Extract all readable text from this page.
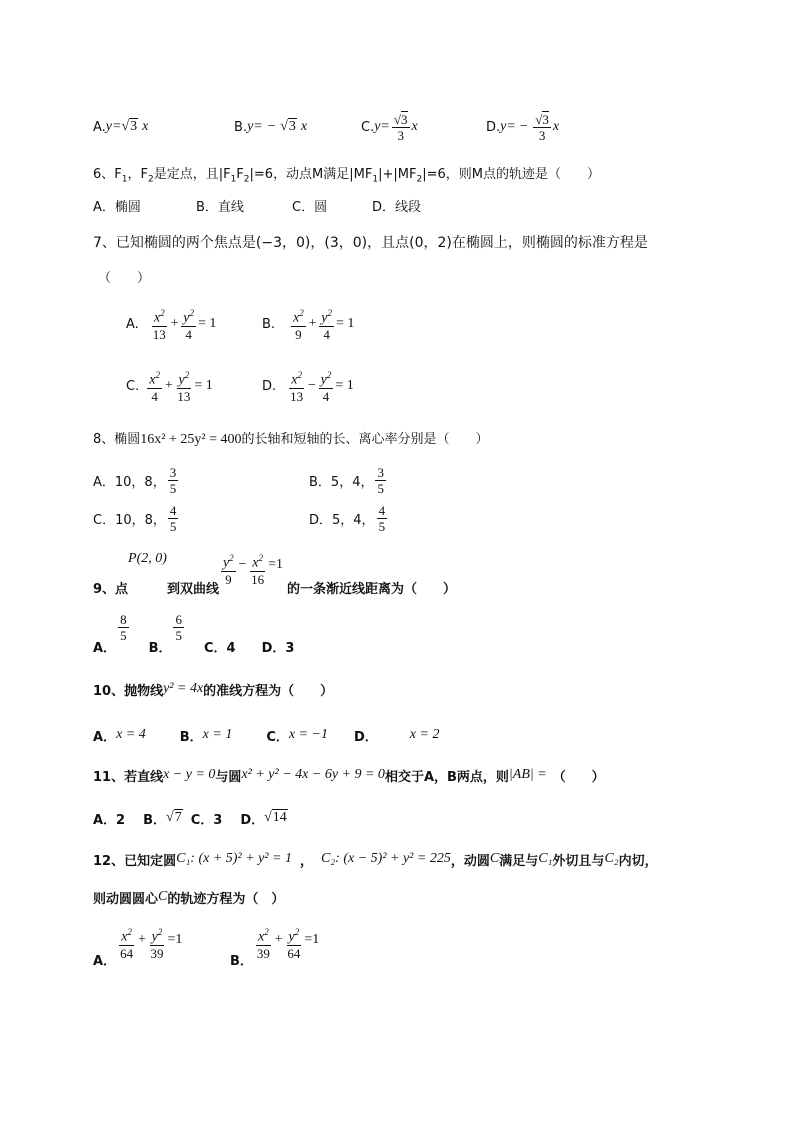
A. y= √3 x	B. y= − √3 x	C. $y= \frac{√3}{3}$ x	D. $y= - \frac{√3}{3}$ x
6、$F_1$，$F_2$是定点，且$|F_1F_2|=6$，动点M满足$|MF_1|+|MF_2|=6$，则M点的轨迹是（　　）
A．椭圆	B．直线	C．圆	D．线段
7、已知椭圆的两个焦点是(−3，0)，(3，0)，且点(0，2)在椭圆上，则椭圆的标准方程是
（　　）
A. $\frac{x^2}{13} + \frac{y^2}{4} = 1$	B. $\frac{x^2}{9} + \frac{y^2}{4} = 1$
C. $\frac{x^2}{4} + \frac{y^2}{13} = 1$	D. $\frac{x^2}{13} - \frac{y^2}{4} = 1$
8、椭圆16x² + 25y² = 400的长轴和短轴的长、离心率分别是（　　）
A．10，8， $\frac{3}{5}$	B．5，4， $\frac{3}{5}$
C．10，8， $\frac{4}{5}$	D．5，4， $\frac{4}{5}$
9、点
P(2, 0)
到双曲线
$\frac{y^2}{9} - \frac{x^2}{16} =1$
的一条渐近线距离为（　　）
A．
$\frac{8}{5}$
B．
$\frac{6}{5}$
C．4 D．3
10、抛物线 y² = 4x 的准线方程为（　　）
A． x = 4	B． x = 1	C． x = −1 D． x = 2
11、若直线 x − y = 0 与圆 x² + y² − 4x − 6y + 9 = 0 相交于A，B两点，则 |AB| = （　　）
A．2 B． √7 C．3 D． √14
12、已知定圆 C₁: (x + 5)² + y² = 1 ， C₂: (x − 5)² + y² = 225 ，动圆 C 满足与 C₁ 外切且与 C₂ 内切，
则动圆圆心 C 的轨迹方程为（　）
A．
$\frac{x^2}{64} + \frac{y^2}{39} =1$
B．
$\frac{x^2}{39} + \frac{y^2}{64} =1$
